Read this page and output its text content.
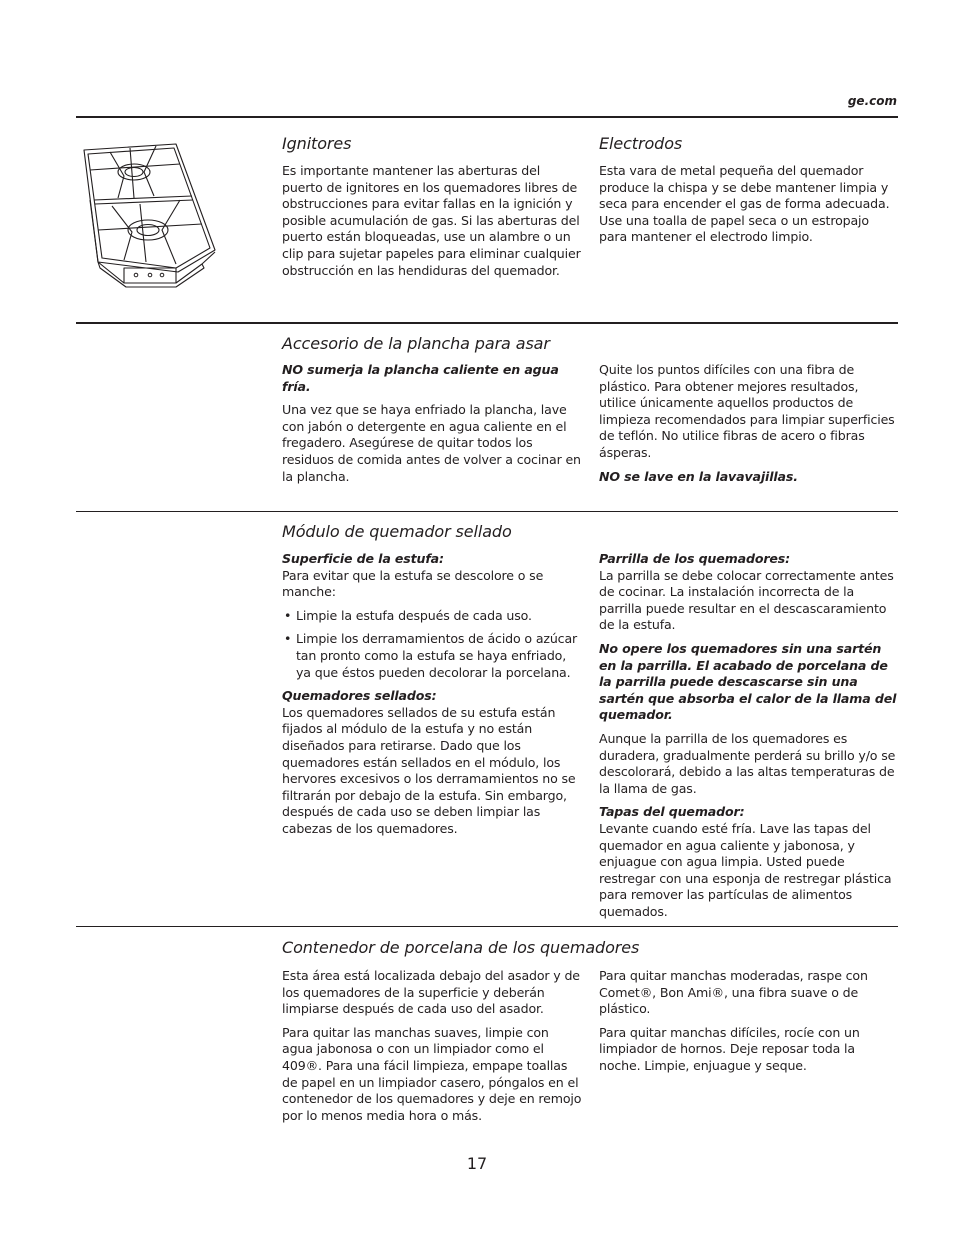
ge.com
Ignitores

Es importante mantener las aberturas del puerto de ignitores en los quemadores libres de obstrucciones para evitar fallas en la ignición y posible acumulación de gas. Si las aberturas del puerto están bloqueadas, use un alambre o un clip para sujetar papeles para eliminar cualquier obstrucción en las hendiduras del quemador.

Electrodos

Esta vara de metal pequeña del quemador produce la chispa y se debe mantener limpia y seca para encender el gas de forma adecuada. Use una toalla de papel seca o un estropajo para mantener el electrodo limpio.

Accesorio de la plancha para asar

NO sumerja la plancha caliente en agua fría.

Una vez que se haya enfriado la plancha, lave con jabón o detergente en agua caliente en el fregadero. Asegúrese de quitar todos los residuos de comida antes de volver a cocinar en la plancha.

Quite los puntos difíciles con una fibra de plástico. Para obtener mejores resultados, utilice únicamente aquellos productos de limpieza recomendados para limpiar superficies de teflón. No utilice fibras de acero o fibras ásperas.

NO se lave en la lavavajillas.

Módulo de quemador sellado

Superficie de la estufa:
Para evitar que la estufa se descolore o se manche:

• Limpie la estufa después de cada uso.
• Limpie los derramamientos de ácido o azúcar tan pronto como la estufa se haya enfriado, ya que éstos pueden decolorar la porcelana.

Quemadores sellados:
Los quemadores sellados de su estufa están fijados al módulo de la estufa y no están diseñados para retirarse. Dado que los quemadores están sellados en el módulo, los hervores excesivos o los derramamientos no se filtrarán por debajo de la estufa. Sin embargo, después de cada uso se deben limpiar las cabezas de los quemadores.

Parrilla de los quemadores:
La parrilla se debe colocar correctamente antes de cocinar. La instalación incorrecta de la parrilla puede resultar en el descascaramiento de la estufa.

No opere los quemadores sin una sartén en la parrilla. El acabado de porcelana de la parrilla puede descascarse sin una sartén que absorba el calor de la llama del quemador.

Aunque la parrilla de los quemadores es duradera, gradualmente perderá su brillo y/o se descolorará, debido a las altas temperaturas de la llama de gas.

Tapas del quemador:
Levante cuando esté fría. Lave las tapas del quemador en agua caliente y jabonosa, y enjuague con agua limpia. Usted puede restregar con una esponja de restregar plástica para remover las partículas de alimentos quemados.

Contenedor de porcelana de los quemadores

Esta área está localizada debajo del asador y de los quemadores de la superficie y deberán limpiarse después de cada uso del asador.

Para quitar las manchas suaves, limpie con agua jabonosa o con un limpiador como el 409®. Para una fácil limpieza, empape toallas de papel en un limpiador casero, póngalos en el contenedor de los quemadores y deje en remojo por lo menos media hora o más.

Para quitar manchas moderadas, raspe con Comet®, Bon Ami®, una fibra suave o de plástico.

Para quitar manchas difíciles, rocíe con un limpiador de hornos. Deje reposar toda la noche. Limpie, enjuague y seque.

17
